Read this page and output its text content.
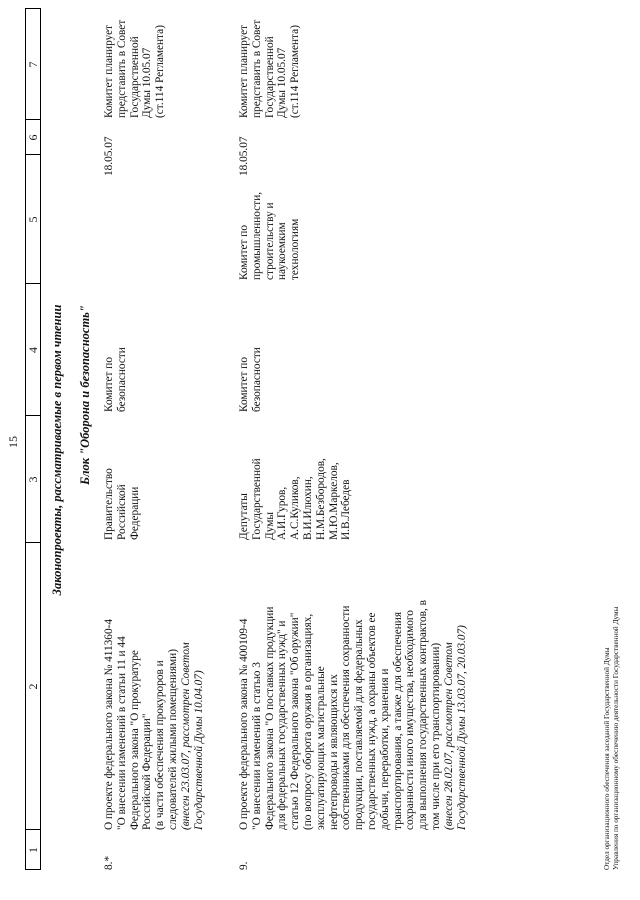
15
1
2
3
4
5
6
7
Законопроекты, рассматриваемые в первом чтении Блок "Оборона и безопасность"
8.*
О проекте федерального закона № 411360-4 "О внесении изменений в статьи 11 и 44 Федерального закона "О прокуратуре Российской Федерации" (в части обеспечения прокуроров и следователей жилыми помещениями) (внесен 23.03.07, рассмотрен Советом Государственной Думы 10.04.07)
Правительство Российской Федерации
Комитет по безопасности
18.05.07
Комитет планирует представить в Совет Государственной Думы 10.05.07 (ст.114 Регламента)
9.
О проекте федерального закона № 400109-4 "О внесении изменений в статью 3 Федерального закона "О поставках продукции для федеральных государственных нужд" и статью 12 Федерального закона "Об оружии" (по вопросу оборота оружия в организациях, эксплуатирующих магистральные нефтепроводы и являющихся их собственниками для обеспечения сохранности продукции, поставляемой для федеральных государственных нужд, а охраны объектов ее добычи, переработки, хранения и транспортирования, а также для обеспечения сохранности иного имущества, необходимого для выполнения государственных контрактов, в том числе при его транспортировании) (внесен 28.02.07, рассмотрен Советом Государственной Думы 13.03.07, 20.03.07)
Депутаты Государственной Думы А.И.Гуров, А.С.Куликов, В.И.Илюхин, Н.М.Безбородов, М.Ю.Маркелов, И.В.Лебедев
Комитет по безопасности
Комитет по промышленности, строительству и наукоемким технологиям
18.05.07
Комитет планирует представить в Совет Государственной Думы 10.05.07 (ст.114 Регламента)
Отдел организационного обеспечения заседаний Государственной Думы Управления по организационному обеспечению деятельности Государственной Думы
